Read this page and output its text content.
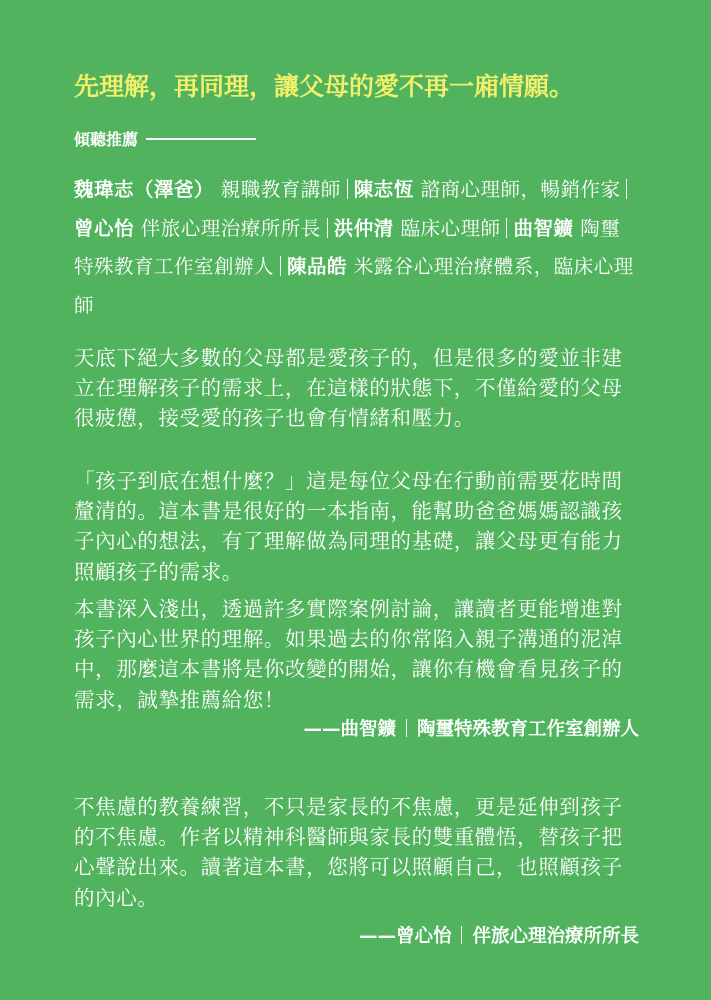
先理解，再同理，讓父母的愛不再一廂情願。
傾聽推薦
魏瑋志（澤爸） 親職教育講師 陳志恆 諮商心理師，暢銷作家曾心怡 伴旅心理治療所所長 洪仲清 臨床心理師 曲智鑛 陶璽特殊教育工作室創辦人 陳品皓 米露谷心理治療體系，臨床心理師
天底下絕大多數的父母都是愛孩子的，但是很多的愛並非建立在理解孩子的需求上，在這樣的狀態下，不僅給愛的父母很疲憊，接受愛的孩子也會有情緒和壓力。
「孩子到底在想什麼？」這是每位父母在行動前需要花時間釐清的。這本書是很好的一本指南，能幫助爸爸媽媽認識孩子內心的想法，有了理解做為同理的基礎，讓父母更有能力照顧孩子的需求。
本書深入淺出，透過許多實際案例討論，讓讀者更能增進對孩子內心世界的理解。如果過去的你常陷入親子溝通的泥淖中，那麼這本書將是你改變的開始，讓你有機會看見孩子的需求，誠摯推薦給您！
——曲智鑛 陶璽特殊教育工作室創辦人
不焦慮的教養練習，不只是家長的不焦慮，更是延伸到孩子的不焦慮。作者以精神科醫師與家長的雙重體悟，替孩子把心聲說出來。讀著這本書，您將可以照顧自己，也照顧孩子的內心。
——曾心怡 伴旅心理治療所所長
